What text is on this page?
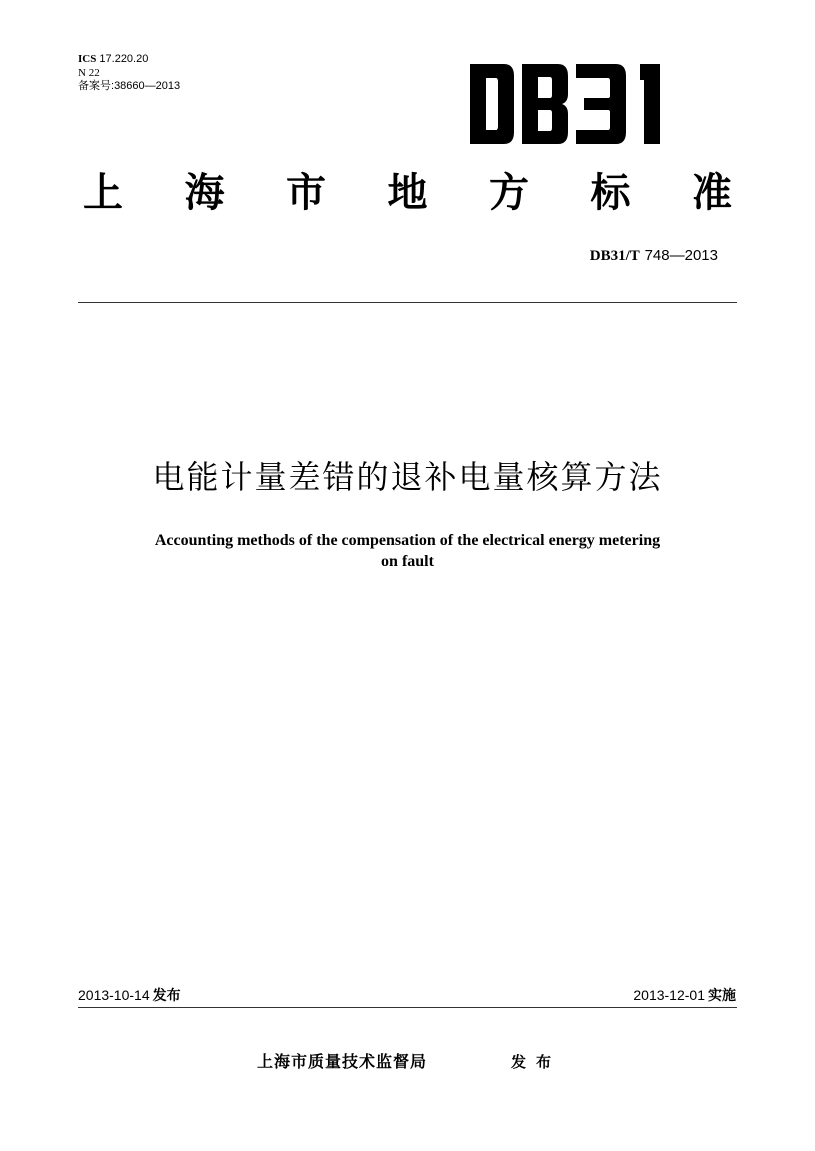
ICS 17.220.20
N 22
备案号:38660—2013
上 海 市 地 方 标 准
DB31/T 748—2013
电能计量差错的退补电量核算方法
Accounting methods of the compensation of the electrical energy metering
on fault
2013-10-14 发布	2013-12-01 实施
上海市质量技术监督局	发布
